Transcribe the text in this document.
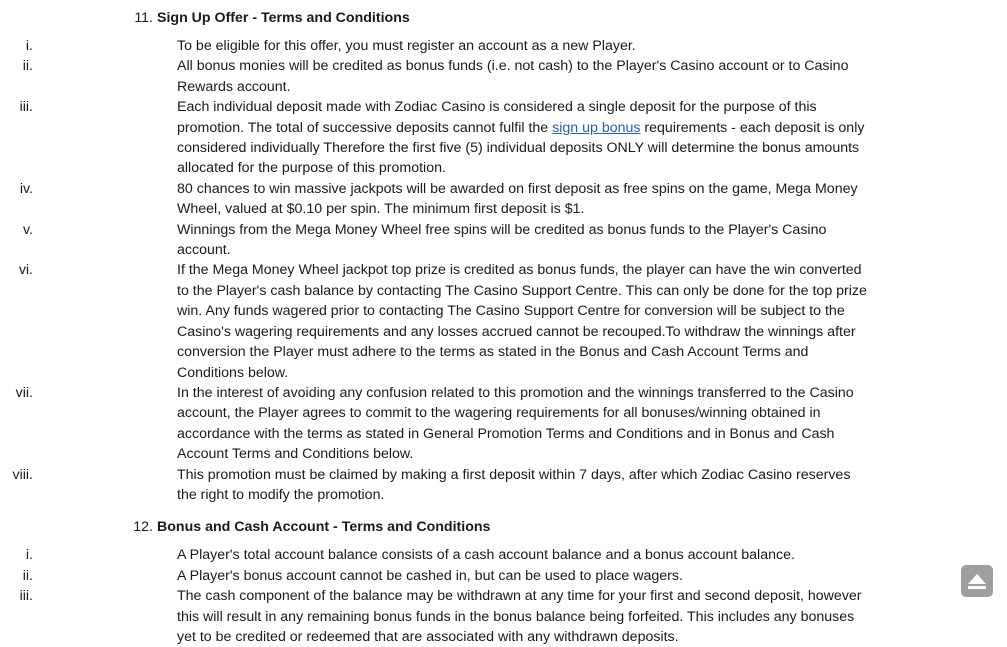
11. Sign Up Offer - Terms and Conditions
i.	To be eligible for this offer, you must register an account as a new Player.
ii.	All bonus monies will be credited as bonus funds (i.e. not cash) to the Player's Casino account or to Casino Rewards account.
iii.	Each individual deposit made with Zodiac Casino is considered a single deposit for the purpose of this promotion. The total of successive deposits cannot fulfil the sign up bonus requirements - each deposit is only considered individually Therefore the first five (5) individual deposits ONLY will determine the bonus amounts allocated for the purpose of this promotion.
iv.	80 chances to win massive jackpots will be awarded on first deposit as free spins on the game, Mega Money Wheel, valued at $0.10 per spin. The minimum first deposit is $1.
v.	Winnings from the Mega Money Wheel free spins will be credited as bonus funds to the Player's Casino account.
vi.	If the Mega Money Wheel jackpot top prize is credited as bonus funds, the player can have the win converted to the Player's cash balance by contacting The Casino Support Centre. This can only be done for the top prize win. Any funds wagered prior to contacting The Casino Support Centre for conversion will be subject to the Casino's wagering requirements and any losses accrued cannot be recouped.To withdraw the winnings after conversion the Player must adhere to the terms as stated in the Bonus and Cash Account Terms and Conditions below.
vii.	In the interest of avoiding any confusion related to this promotion and the winnings transferred to the Casino account, the Player agrees to commit to the wagering requirements for all bonuses/winning obtained in accordance with the terms as stated in General Promotion Terms and Conditions and in Bonus and Cash Account Terms and Conditions below.
viii.	This promotion must be claimed by making a first deposit within 7 days, after which Zodiac Casino reserves the right to modify the promotion.
12. Bonus and Cash Account - Terms and Conditions
i.	A Player's total account balance consists of a cash account balance and a bonus account balance.
ii.	A Player's bonus account cannot be cashed in, but can be used to place wagers.
iii.	The cash component of the balance may be withdrawn at any time for your first and second deposit, however this will result in any remaining bonus funds in the bonus balance being forfeited. This includes any bonuses yet to be credited or redeemed that are associated with any withdrawn deposits.
